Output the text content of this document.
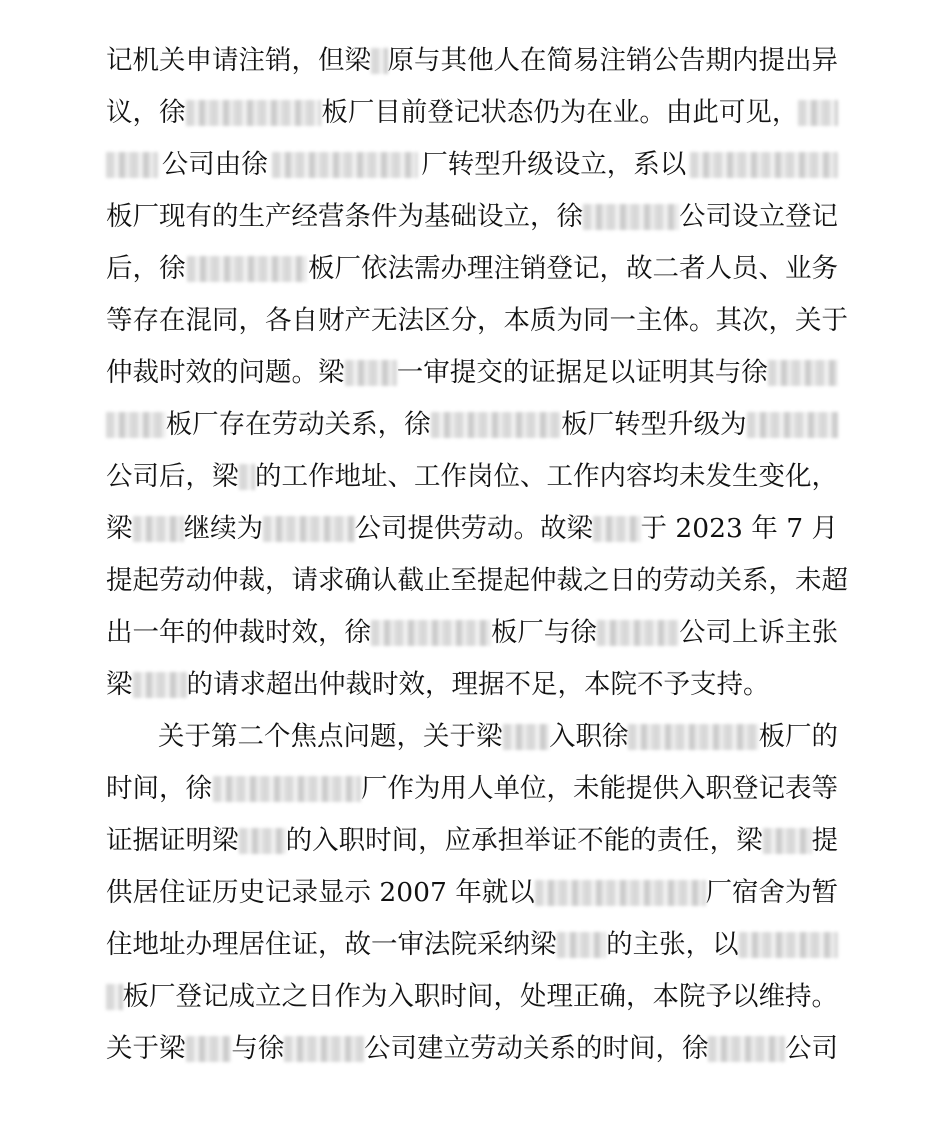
记机关申请注销，但梁 原与其他人在简易注销公告期内提出异
议，徐	板厂目前登记状态仍为在业。由此可见，
公司由徐	厂转型升级设立，系以
板厂现有的生产经营条件为基础设立，徐	公司设立登记
后，徐	板厂依法需办理注销登记，故二者人员、业务
等存在混同，各自财产无法区分，本质为同一主体。其次，关于
仲裁时效的问题。梁 一审提交的证据足以证明其与徐
板厂存在劳动关系，徐	板厂转型升级为
公司后，梁 的工作地址、工作岗位、工作内容均未发生变化，
梁 继续为	公司提供劳动。故梁 于 2023 年 7 月
提起劳动仲裁，请求确认截止至提起仲裁之日的劳动关系，未超
出一年的仲裁时效，徐	板厂与徐	公司上诉主张
梁 的请求超出仲裁时效，理据不足，本院不予支持。
关于第二个焦点问题，关于梁 入职徐	板厂的
时间，徐	厂作为用人单位，未能提供入职登记表等
证据证明梁 的入职时间，应承担举证不能的责任，梁 提
供居住证历史记录显示 2007 年就以	厂宿舍为暂
住地址办理居住证，故一审法院采纳梁 的主张，以
板厂登记成立之日作为入职时间，处理正确，本院予以维持。
关于梁 与徐	公司建立劳动关系的时间，徐	公司
